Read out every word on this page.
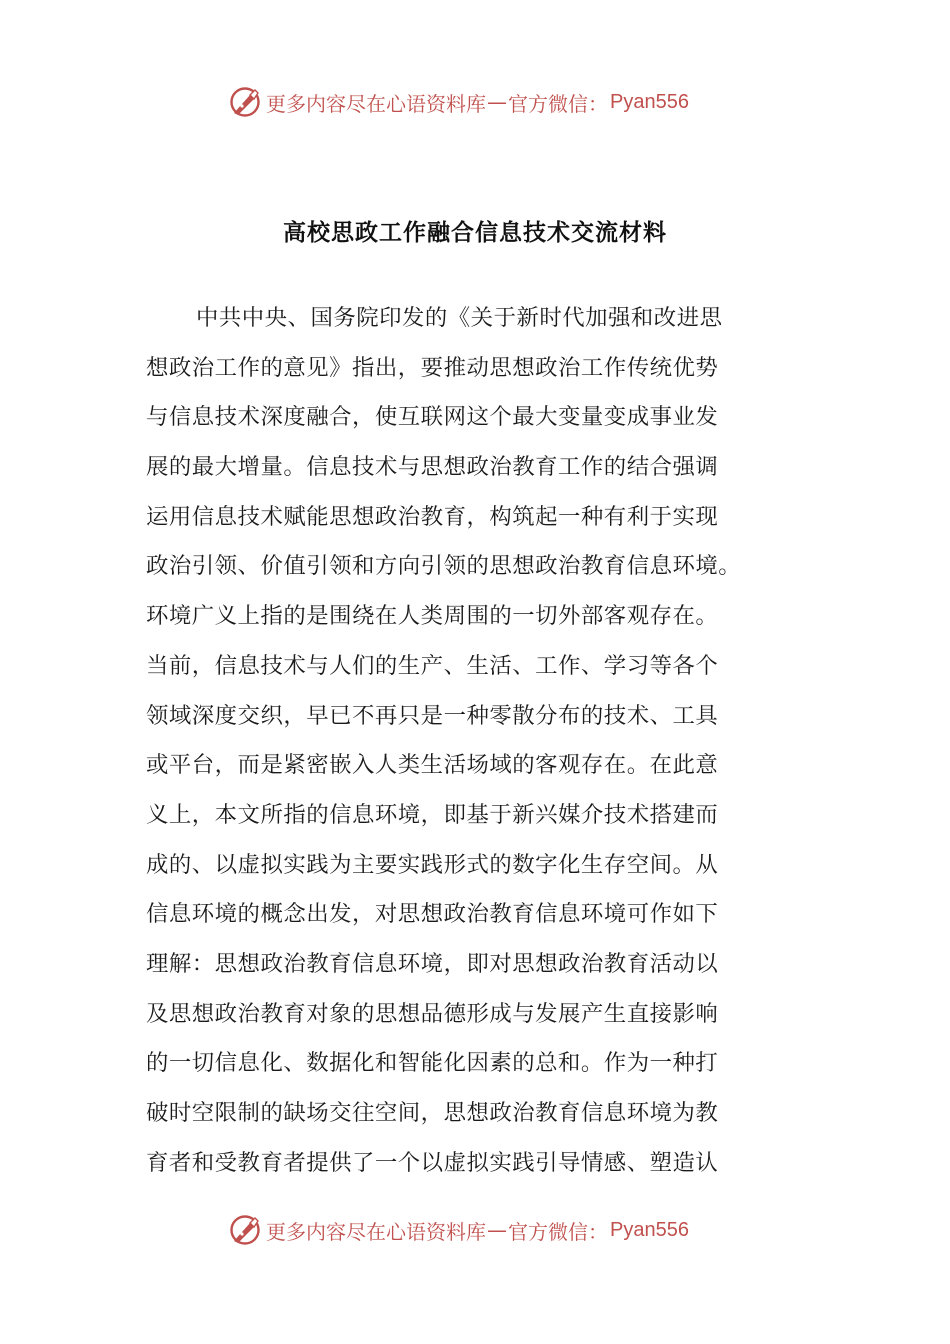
更多内容尽在心语资料库 — 官方微信： Pyan556
高校思政工作融合信息技术交流材料
中共中央、国务院印发的《关于新时代加强和改进思
想政治工作的意见》指出，要推动思想政治工作传统优势
与信息技术深度融合，使互联网这个最大变量变成事业发
展的最大增量。信息技术与思想政治教育工作的结合强调
运用信息技术赋能思想政治教育，构筑起一种有利于实现
政治引领、价值引领和方向引领的思想政治教育信息环境。
环境广义上指的是围绕在人类周围的一切外部客观存在。
当前，信息技术与人们的生产、生活、工作、学习等各个
领域深度交织，早已不再只是一种零散分布的技术、工具
或平台，而是紧密嵌入人类生活场域的客观存在。在此意
义上，本文所指的信息环境，即基于新兴媒介技术搭建而
成的、以虚拟实践为主要实践形式的数字化生存空间。从
信息环境的概念出发，对思想政治教育信息环境可作如下
理解：思想政治教育信息环境，即对思想政治教育活动以
及思想政治教育对象的思想品德形成与发展产生直接影响
的一切信息化、数据化和智能化因素的总和。作为一种打
破时空限制的缺场交往空间，思想政治教育信息环境为教
育者和受教育者提供了一个以虚拟实践引导情感、塑造认
更多内容尽在心语资料库 — 官方微信： Pyan556
